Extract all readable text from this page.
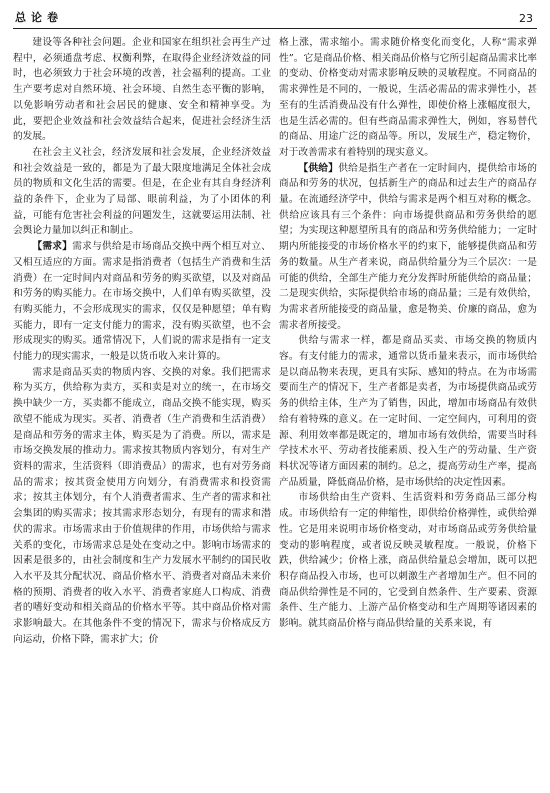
总论卷	23

建设等各种社会问题。企业和国家在组织社会再生产过程中，必须通盘考虑、权衡利弊，在取得企业经济效益的同时，也必须致力于社会环境的改善，社会福利的提高。工业生产要考虑对自然环境、社会环境、自然生态平衡的影响，以免影响劳动者和社会居民的健康、安全和精神享受。为此，要把企业效益和社会效益结合起来，促进社会经济生活的发展。

在社会主义社会，经济发展和社会发展，企业经济效益和社会效益是一致的，都是为了最大限度地满足全体社会成员的物质和文化生活的需要。但是，在企业有其自身经济利益的条件下，企业为了局部、眼前利益，为了小团体的利益，可能有危害社会利益的问题发生，这就要运用法制、社会舆论力量加以纠正和制止。

【需求】需求与供给是市场商品交换中两个相互对立、又相互适应的方面。需求是指消费者（包括生产消费和生活消费）在一定时间内对商品和劳务的购买欲望，以及对商品和劳务的购买能力。在市场交换中，人们单有购买欲望，没有购买能力，不会形成现实的需求，仅仅是种愿望；单有购买能力，即有一定支付能力的需求，没有购买欲望，也不会形成现实的购买。通常情况下，人们说的需求是指有一定支付能力的现实需求，一般是以货币收入来计算的。

需求是商品买卖的物质内容、交换的对象。我们把需求称为买方，供给称为卖方，买和卖是对立的统一，在市场交换中缺少一方，买卖都不能成立，商品交换不能实现，购买欲望不能成为现实。买者、消费者（生产消费和生活消费）是商品和劳务的需求主体，购买是为了消费。所以，需求是市场交换发展的推动力。需求按其物质内容划分，有对生产资料的需求，生活资料（即消费品）的需求，也有对劳务商品的需求；按其资金使用方向划分，有消费需求和投资需求；按其主体划分，有个人消费者需求、生产者的需求和社会集团的购买需求；按其需求形态划分，有现有的需求和潜伏的需求。市场需求由于价值规律的作用，市场供给与需求关系的变化，市场需求总是处在变动之中。影响市场需求的因素是很多的，由社会制度和生产力发展水平制约的国民收入水平及其分配状况、商品价格水平、消费者对商品未来价格的预期、消费者的收入水平、消费者家庭人口构成、消费者的嗜好变动和相关商品的价格水平等。其中商品价格对需求影响最大。在其他条件不变的情况下，需求与价格成反方向运动，价格下降，需求扩大；价

格上涨，需求缩小。需求随价格变化而变化，人称“需求弹性”。它是商品价格、相关商品价格与它所引起商品需求比率的变动、价格变动对需求影响反映的灵敏程度。不同商品的需求弹性是不同的，一般说，生活必需品的需求弹性小，甚至有的生活消费品没有什么弹性，即使价格上涨幅度很大，也是生活必需的。但有些商品需求弹性大，例如，容易替代的商品、用途广泛的商品等。所以，发展生产，稳定物价，对于改善需求有着特别的现实意义。

【供给】供给是指生产者在一定时间内，提供给市场的商品和劳务的状况，包括新生产的商品和过去生产的商品存量。在流通经济学中，供给与需求是两个相互对称的概念。供给应该具有三个条件：向市场提供商品和劳务供给的愿望；为实现这种愿望所具有的商品和劳务供给能力；一定时期内所能接受的市场价格水平的约束下，能够提供商品和劳务的数量。从生产者来说，商品供给量分为三个层次：一是可能的供给，全部生产能力充分发挥时所能供给的商品量；二是现实供给，实际提供给市场的商品量；三是有效供给，为需求者所能接受的商品量，愈是物美、价廉的商品，愈为需求者所接受。

供给与需求一样，都是商品买卖、市场交换的物质内容。有支付能力的需求，通常以货币量来表示，而市场供给是以商品物来表现，更具有实际、感知的特点。在为市场需要而生产的情况下，生产者都是卖者，为市场提供商品或劳务的供给主体，生产为了销售，因此，增加市场商品有效供给有着特殊的意义。在一定时间、一定空间内，可利用的资源、利用效率都是既定的，增加市场有效供给，需要当时科学技术水平、劳动者技能素质、投入生产的劳动量、生产资料状况等诸方面因素的制约。总之，提高劳动生产率，提高产品质量，降低商品价格，是市场供给的决定性因素。

市场供给由生产资料、生活资料和劳务商品三部分构成。市场供给有一定的伸缩性，即供给价格弹性，或供给弹性。它是用来说明市场价格变动，对市场商品或劳务供给量变动的影响程度，或者说反映灵敏程度。一般说，价格下跌，供给减少；价格上涨，商品供给量总会增加，既可以把积存商品投入市场，也可以刺激生产者增加生产。但不同的商品供给弹性是不同的，它受到自然条件、生产要素、资源条件、生产能力、上游产品价格变动和生产周期等诸因素的影响。就其商品价格与商品供给量的关系来说，有
